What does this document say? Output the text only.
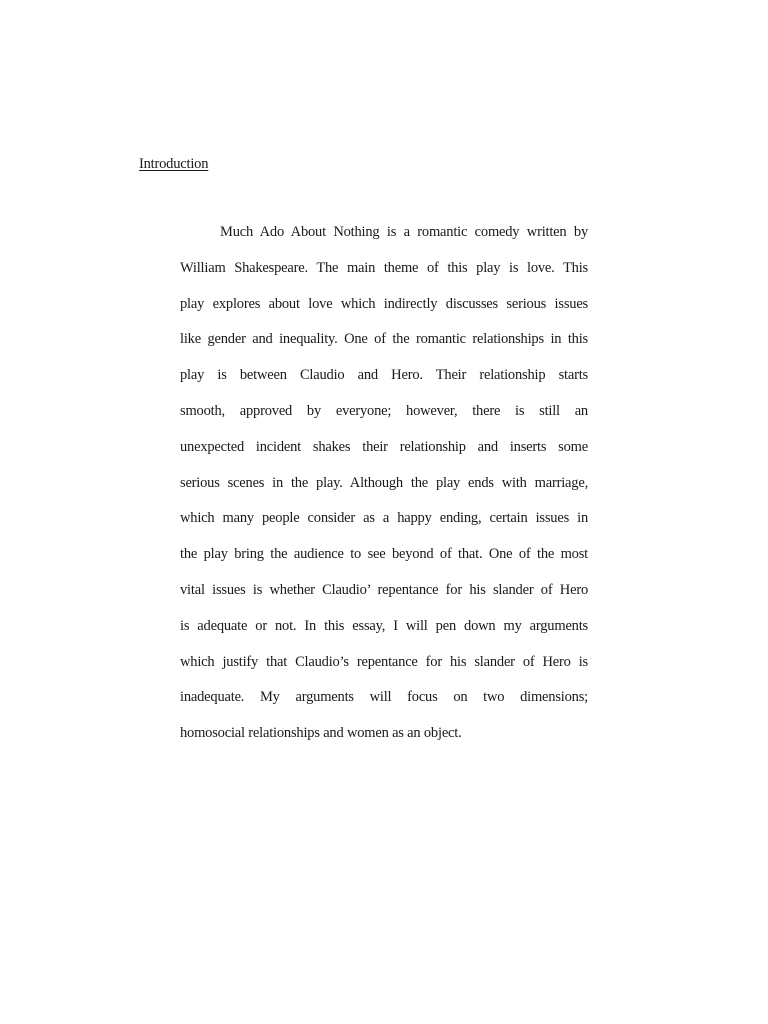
Introduction
Much Ado About Nothing is a romantic comedy written by
William Shakespeare. The main theme of this play is love. This
play explores about love which indirectly discusses serious issues
like gender and inequality. One of the romantic relationships in this
play is between Claudio and Hero. Their relationship starts
smooth, approved by everyone; however, there is still an
unexpected incident shakes their relationship and inserts some
serious scenes in the play. Although the play ends with marriage,
which many people consider as a happy ending, certain issues in
the play bring the audience to see beyond of that. One of the most
vital issues is whether Claudio’ repentance for his slander of Hero
is adequate or not. In this essay, I will pen down my arguments
which justify that Claudio’s repentance for his slander of Hero is
inadequate. My arguments will focus on two dimensions;
homosocial relationships and women as an object.
